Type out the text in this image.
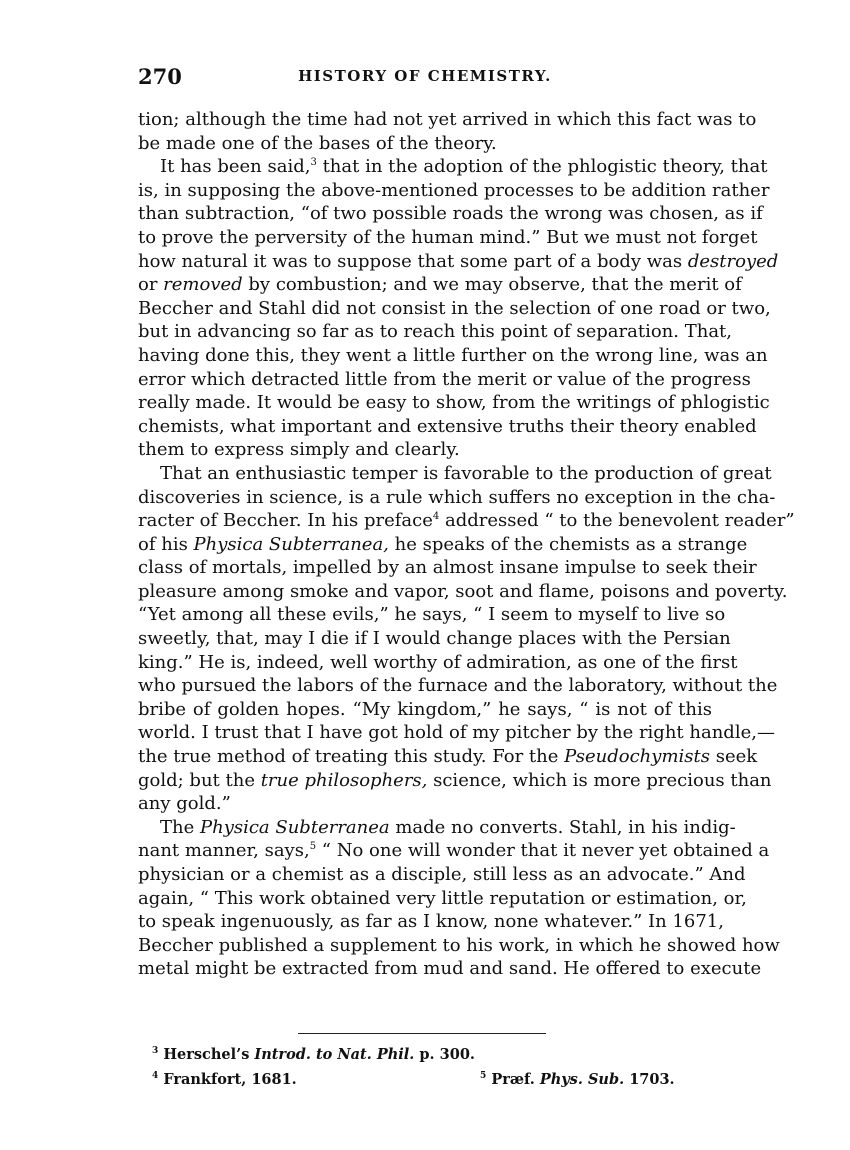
270	HISTORY OF CHEMISTRY.
tion; although the time had not yet arrived in which this fact was to
be made one of the bases of the theory.
It has been said,$^3$ that in the adoption of the phlogistic theory, that
is, in supposing the above-mentioned processes to be addition rather
than subtraction, “of two possible roads the wrong was chosen, as if
to prove the perversity of the human mind.” But we must not forget
how natural it was to suppose that some part of a body was destroyed
or removed by combustion; and we may observe, that the merit of
Beccher and Stahl did not consist in the selection of one road or two,
but in advancing so far as to reach this point of separation. That,
having done this, they went a little further on the wrong line, was an
error which detracted little from the merit or value of the progress
really made. It would be easy to show, from the writings of phlogistic
chemists, what important and extensive truths their theory enabled
them to express simply and clearly.
That an enthusiastic temper is favorable to the production of great
discoveries in science, is a rule which suffers no exception in the cha-
racter of Beccher. In his preface$^4$ addressed “ to the benevolent reader”
of his Physica Subterranea, he speaks of the chemists as a strange
class of mortals, impelled by an almost insane impulse to seek their
pleasure among smoke and vapor, soot and flame, poisons and poverty.
“Yet among all these evils,” he says, “ I seem to myself to live so
sweetly, that, may I die if I would change places with the Persian
king.” He is, indeed, well worthy of admiration, as one of the first
who pursued the labors of the furnace and the laboratory, without the
bribe of golden hopes. “My kingdom,” he says, “ is not of this
world. I trust that I have got hold of my pitcher by the right handle,—
the true method of treating this study. For the Pseudochymists seek
gold; but the true philosophers, science, which is more precious than
any gold.”
The Physica Subterranea made no converts. Stahl, in his indig-
nant manner, says,$^5$ “ No one will wonder that it never yet obtained a
physician or a chemist as a disciple, still less as an advocate.” And
again, “ This work obtained very little reputation or estimation, or,
to speak ingenuously, as far as I know, none whatever.” In 1671,
Beccher published a supplement to his work, in which he showed how
metal might be extracted from mud and sand. He offered to execute
$^3$ Herschel’s Introd. to Nat. Phil. p. 300.
$^4$ Frankfort, 1681.	$^5$ Præf. Phys. Sub. 1703.
